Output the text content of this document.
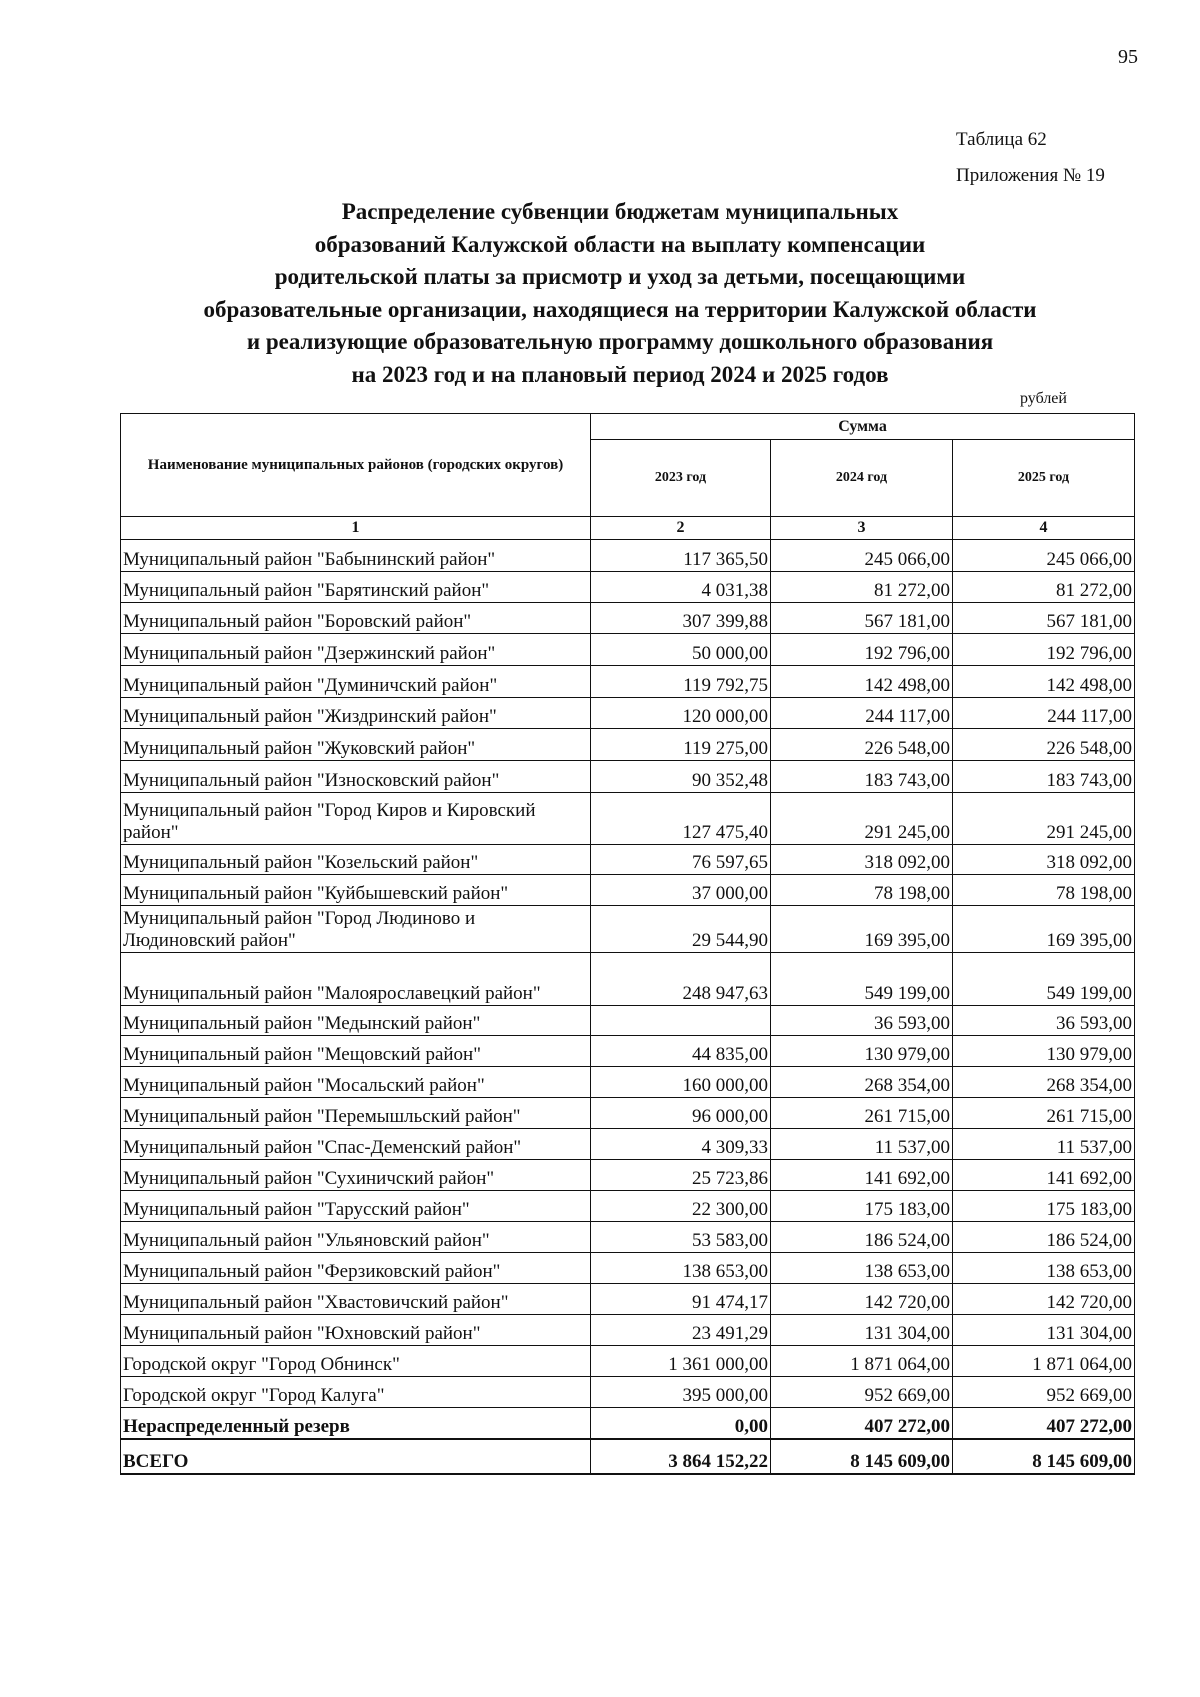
95
Таблица 62
Приложения № 19
Распределение субвенции бюджетам муниципальных
образований Калужской области на выплату компенсации
родительской платы за присмотр и уход за детьми, посещающими
образовательные организации, находящиеся на территории Калужской области
и реализующие образовательную программу дошкольного образования
на 2023 год и на плановый период 2024 и 2025 годов
рублей
Наименование муниципальных районов (городских округов)	Сумма		
	2023 год	2024 год	2025 год
1	2	3	4
Муниципальный район "Бабынинский район"	117 365,50	245 066,00	245 066,00
Муниципальный район "Барятинский район"	4 031,38	81 272,00	81 272,00
Муниципальный район "Боровский район"	307 399,88	567 181,00	567 181,00
Муниципальный район "Дзержинский район"	50 000,00	192 796,00	192 796,00
Муниципальный район "Думиничский район"	119 792,75	142 498,00	142 498,00
Муниципальный район "Жиздринский район"	120 000,00	244 117,00	244 117,00
Муниципальный район "Жуковский район"	119 275,00	226 548,00	226 548,00
Муниципальный район "Износковский район"	90 352,48	183 743,00	183 743,00
Муниципальный район "Город Киров и Кировский район"	127 475,40	291 245,00	291 245,00
Муниципальный район "Козельский район"	76 597,65	318 092,00	318 092,00
Муниципальный район "Куйбышевский район"	37 000,00	78 198,00	78 198,00
Муниципальный район "Город Людиново и Людиновский район"	29 544,90	169 395,00	169 395,00
Муниципальный район "Малоярославецкий район"	248 947,63	549 199,00	549 199,00
Муниципальный район "Медынский район"		36 593,00	36 593,00
Муниципальный район "Мещовский район"	44 835,00	130 979,00	130 979,00
Муниципальный район "Мосальский район"	160 000,00	268 354,00	268 354,00
Муниципальный район "Перемышльский район"	96 000,00	261 715,00	261 715,00
Муниципальный район "Спас-Деменский район"	4 309,33	11 537,00	11 537,00
Муниципальный район "Сухиничский район"	25 723,86	141 692,00	141 692,00
Муниципальный район "Тарусский район"	22 300,00	175 183,00	175 183,00
Муниципальный район "Ульяновский район"	53 583,00	186 524,00	186 524,00
Муниципальный район "Ферзиковский район"	138 653,00	138 653,00	138 653,00
Муниципальный район "Хвастовичский район"	91 474,17	142 720,00	142 720,00
Муниципальный район "Юхновский район"	23 491,29	131 304,00	131 304,00
Городской округ "Город Обнинск"	1 361 000,00	1 871 064,00	1 871 064,00
Городской округ "Город Калуга"	395 000,00	952 669,00	952 669,00
Нераспределенный резерв	0,00	407 272,00	407 272,00
ВСЕГО	3 864 152,22	8 145 609,00	8 145 609,00
